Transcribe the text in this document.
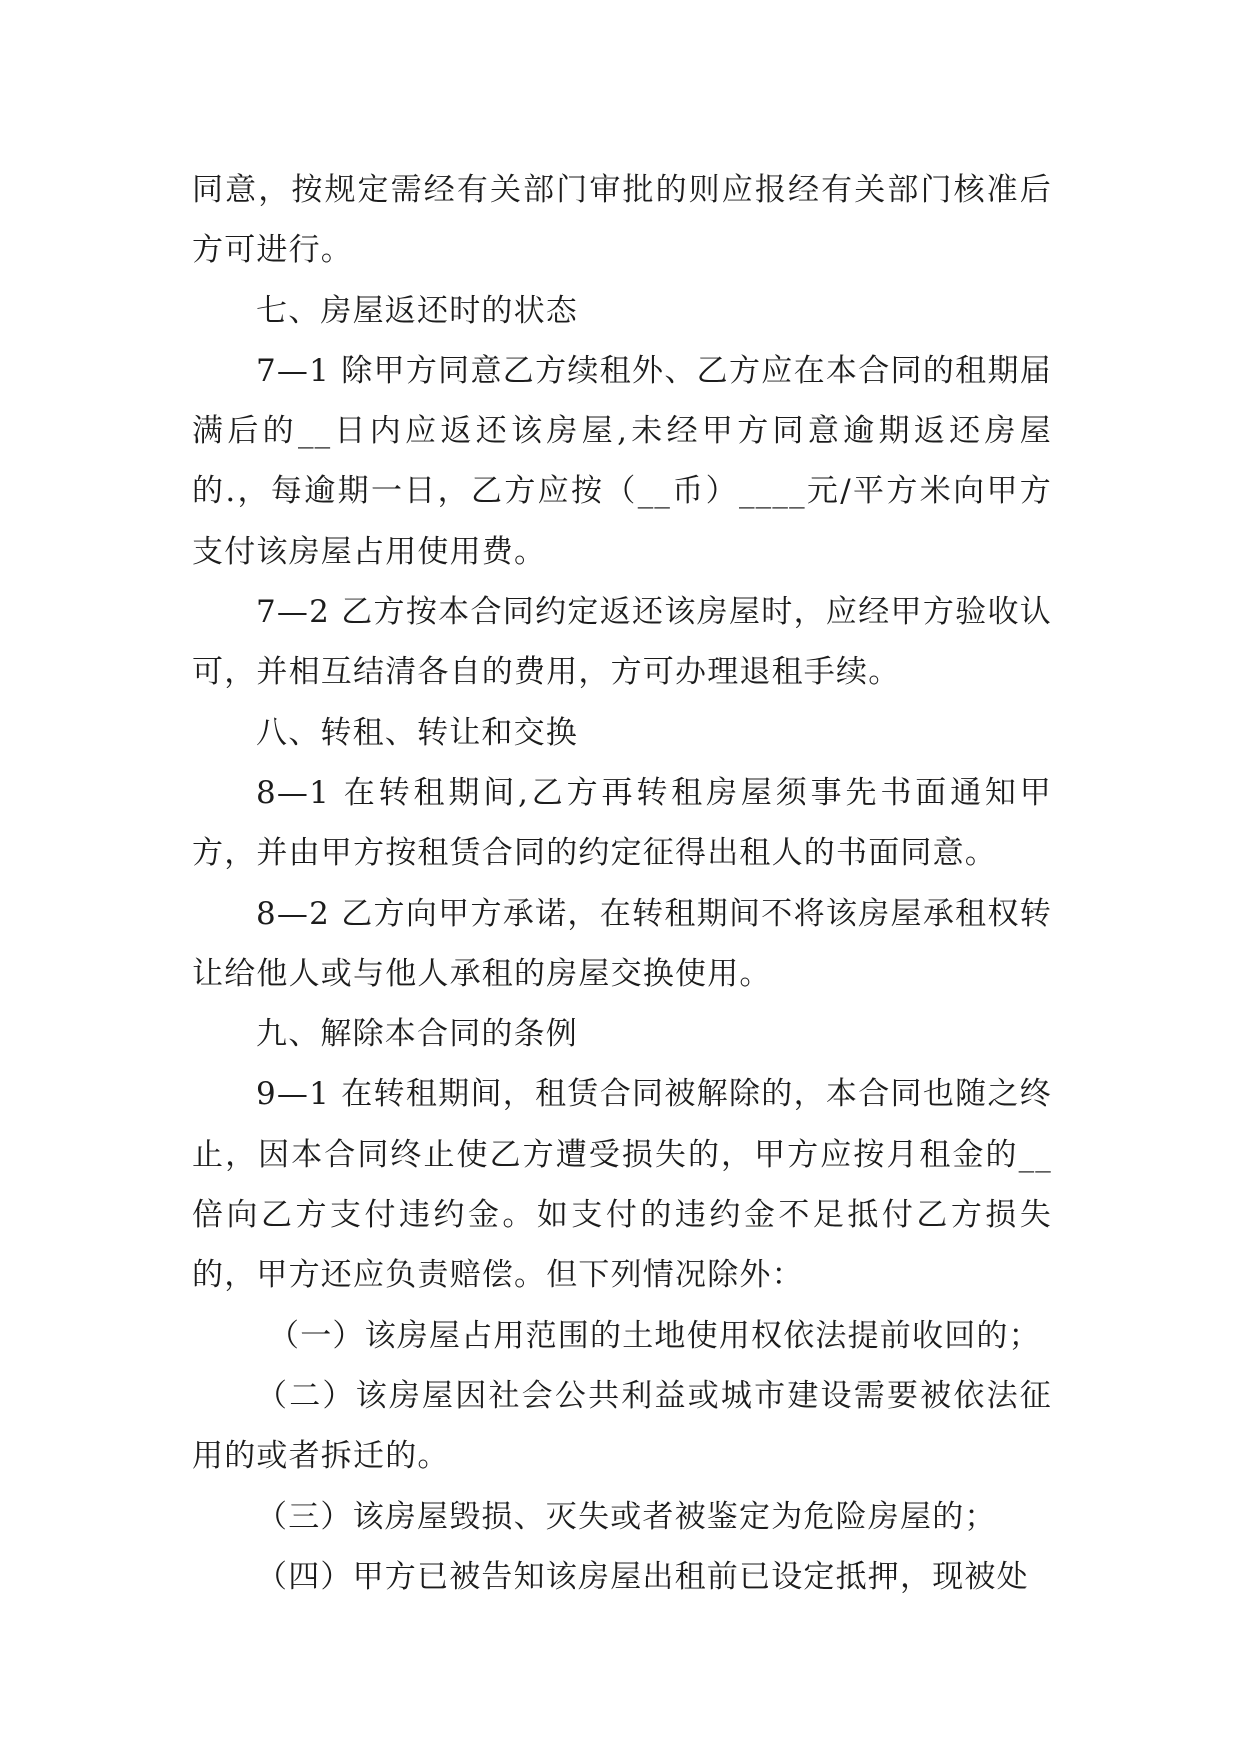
同意，按规定需经有关部门审批的则应报经有关部门核准后方可进行。

七、房屋返还时的状态

7—1 除甲方同意乙方续租外、乙方应在本合同的租期届满后的__日内应返还该房屋,未经甲方同意逾期返还房屋的.，每逾期一日，乙方应按（__币）____元/平方米向甲方支付该房屋占用使用费。

7—2 乙方按本合同约定返还该房屋时，应经甲方验收认可，并相互结清各自的费用，方可办理退租手续。

八、转租、转让和交换

8—1 在转租期间,乙方再转租房屋须事先书面通知甲方，并由甲方按租赁合同的约定征得出租人的书面同意。

8—2 乙方向甲方承诺，在转租期间不将该房屋承租权转让给他人或与他人承租的房屋交换使用。

九、解除本合同的条例

9—1 在转租期间，租赁合同被解除的，本合同也随之终止，因本合同终止使乙方遭受损失的，甲方应按月租金的__倍向乙方支付违约金。如支付的违约金不足抵付乙方损失的，甲方还应负责赔偿。但下列情况除外：

（一）该房屋占用范围的土地使用权依法提前收回的；

（二）该房屋因社会公共利益或城市建设需要被依法征用的或者拆迁的。

（三）该房屋毁损、灭失或者被鉴定为危险房屋的；

（四）甲方已被告知该房屋出租前已设定抵押，现被处
